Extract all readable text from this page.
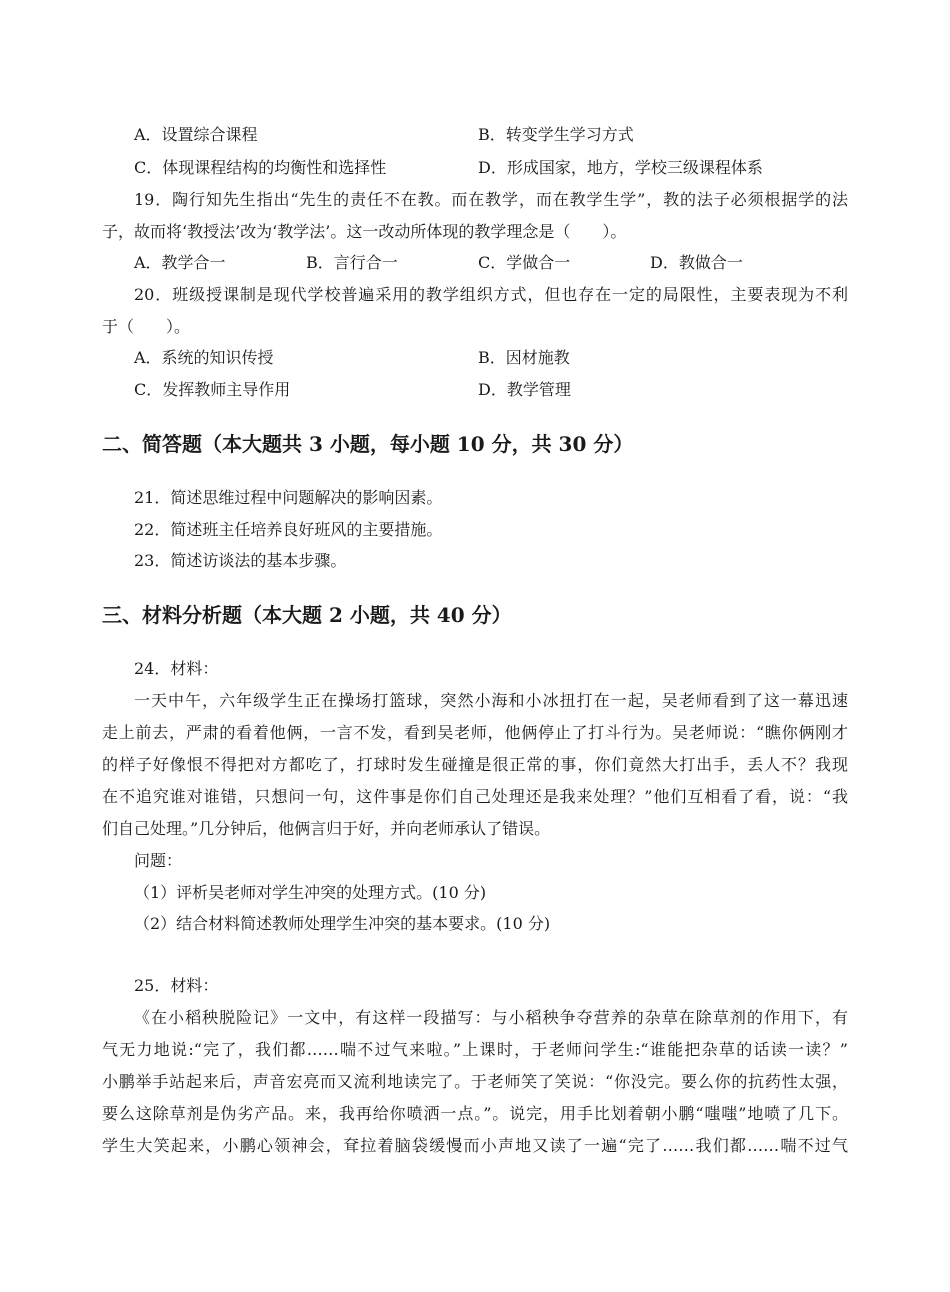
A．设置综合课程	B．转变学生学习方式
C．体现课程结构的均衡性和选择性	D．形成国家，地方，学校三级课程体系
19．陶行知先生指出“先生的责任不在教。而在教学，而在教学生学”，教的法子必须根据学的法
子，故而将‘教授法’改为‘教学法’。这一改动所体现的教学理念是（　　）。
A．教学合一	B．言行合一	C．学做合一	D．教做合一
20．班级授课制是现代学校普遍采用的教学组织方式，但也存在一定的局限性，主要表现为不利
于（　　）。
A．系统的知识传授	B．因材施教
C．发挥教师主导作用	D．教学管理
二、简答题（本大题共 3 小题，每小题 10 分，共 30 分）
21．简述思维过程中问题解决的影响因素。
22．简述班主任培养良好班风的主要措施。
23．简述访谈法的基本步骤。
三、材料分析题（本大题 2 小题，共 40 分）
24．材料：
一天中午，六年级学生正在操场打篮球，突然小海和小冰扭打在一起，吴老师看到了这一幕迅速
走上前去，严肃的看着他俩，一言不发，看到吴老师，他俩停止了打斗行为。吴老师说：“瞧你俩刚才
的样子好像恨不得把对方都吃了，打球时发生碰撞是很正常的事，你们竟然大打出手，丢人不？我现
在不追究谁对谁错，只想问一句，这件事是你们自己处理还是我来处理？”他们互相看了看，说：“我
们自己处理。”几分钟后，他俩言归于好，并向老师承认了错误。
问题：
（1）评析吴老师对学生冲突的处理方式。(10 分)
（2）结合材料简述教师处理学生冲突的基本要求。(10 分)
25．材料：
《在小稻秧脱险记》一文中，有这样一段描写：与小稻秧争夺营养的杂草在除草剂的作用下，有
气无力地说:“完了，我们都……喘不过气来啦。”上课时，于老师问学生:“谁能把杂草的话读一读？”
小鹏举手站起来后，声音宏亮而又流利地读完了。于老师笑了笑说：“你没完。要么你的抗药性太强，
要么这除草剂是伪劣产品。来，我再给你喷洒一点。”。说完，用手比划着朝小鹏“嗤嗤”地喷了几下。
学生大笑起来，小鹏心领神会，耷拉着脑袋缓慢而小声地又读了一遍“完了……我们都……喘不过气
